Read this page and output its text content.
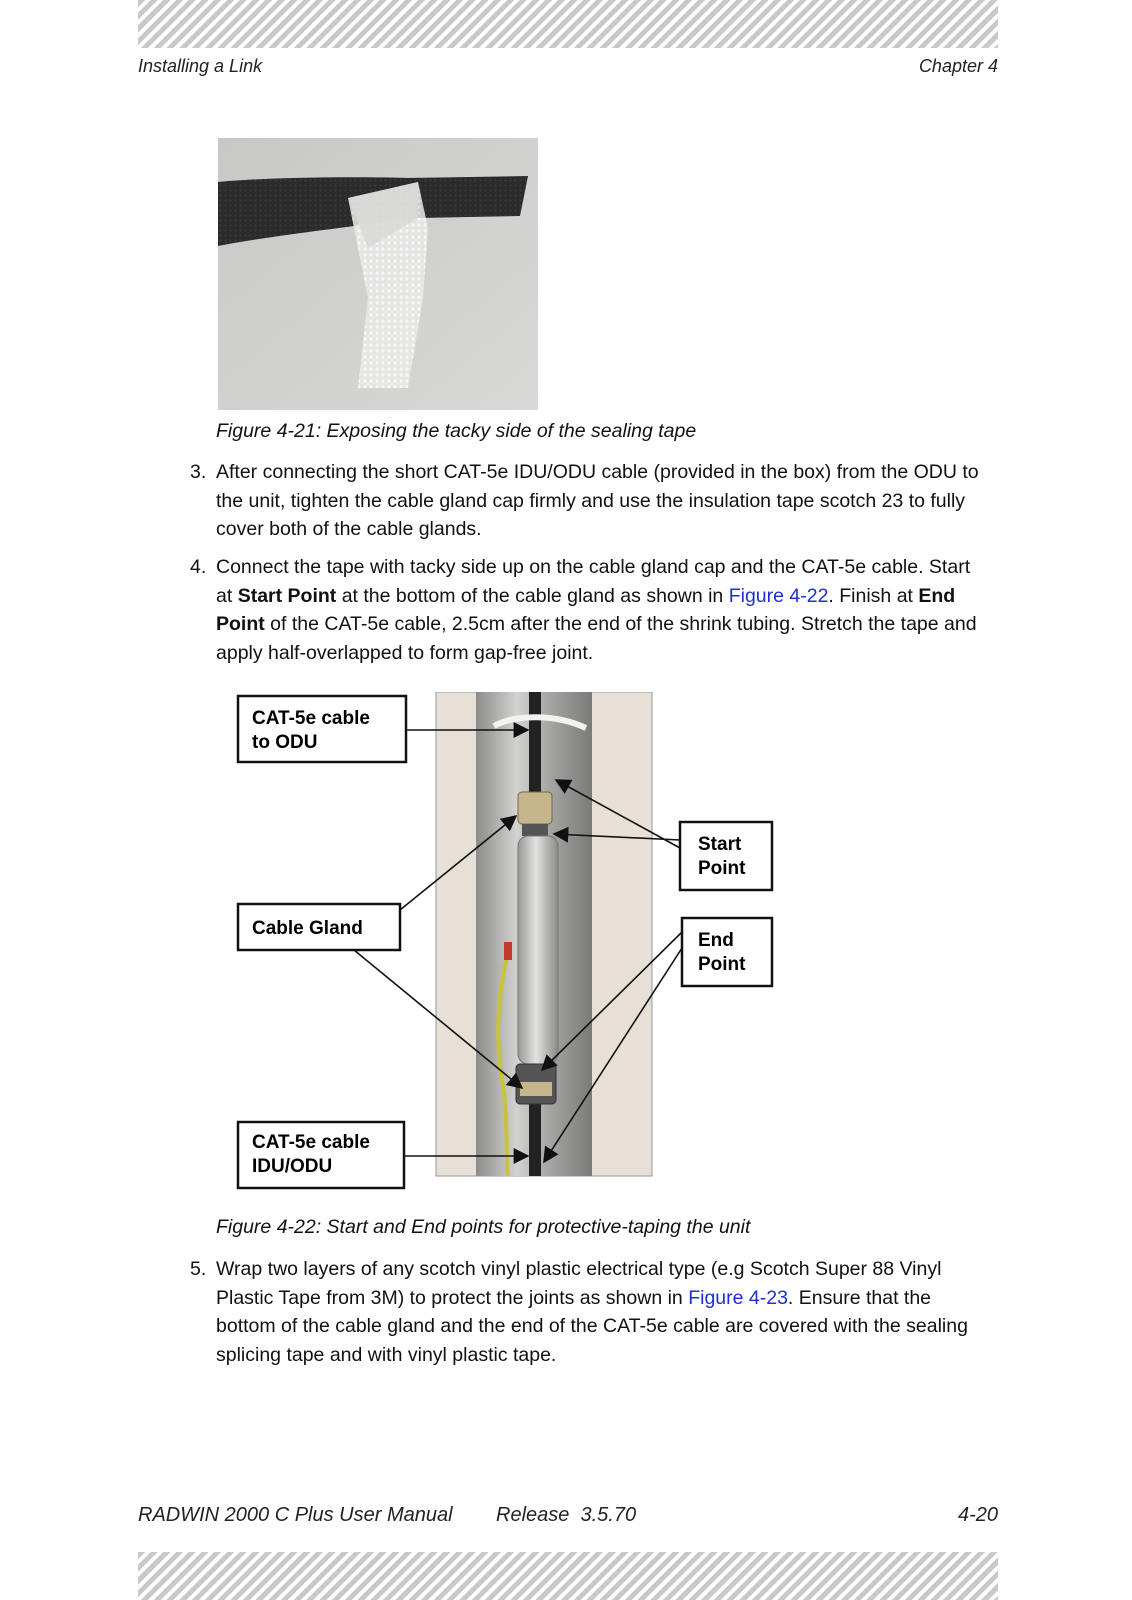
Installing a Link	Chapter 4
Figure 4-21: Exposing the tacky side of the sealing tape
3. After connecting the short CAT-5e IDU/ODU cable (provided in the box) from the ODU to the unit, tighten the cable gland cap firmly and use the insulation tape scotch 23 to fully cover both of the cable glands.
4. Connect the tape with tacky side up on the cable gland cap and the CAT-5e cable. Start at Start Point at the bottom of the cable gland as shown in Figure 4-22. Finish at End Point of the CAT-5e cable, 2.5cm after the end of the shrink tubing. Stretch the tape and apply half-overlapped to form gap-free joint.
CAT-5e cable
to ODU
Start
Point
Cable Gland
End
Point
CAT-5e cable
IDU/ODU
Figure 4-22: Start and End points for protective-taping the unit
5. Wrap two layers of any scotch vinyl plastic electrical type (e.g Scotch Super 88 Vinyl Plastic Tape from 3M) to protect the joints as shown in Figure 4-23. Ensure that the bottom of the cable gland and the end of the CAT-5e cable are covered with the sealing splicing tape and with vinyl plastic tape.
RADWIN 2000 C Plus User Manual Release  3.5.70	4-20
